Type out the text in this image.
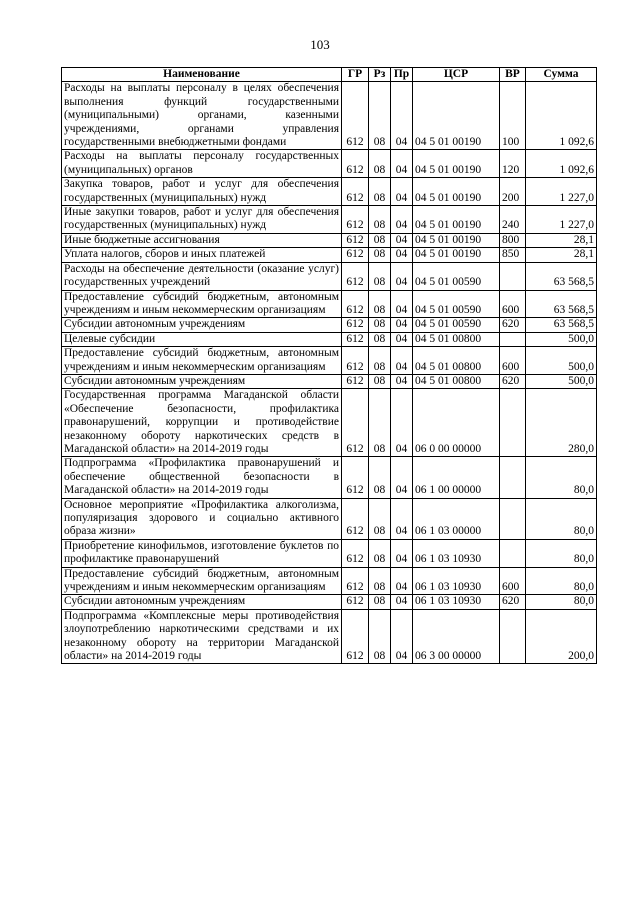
103
Наименование	ГР	Рз	Пр	ЦСР	ВР	Сумма
Расходы на выплаты персоналу в целях обеспечения выполнения функций государственными (муниципальными) органами, казенными учреждениями, органами управления государственными внебюджетными фондами	612	08	04	04 5 01 00190	100	1 092,6
Расходы на выплаты персоналу государственных (муниципальных) органов	612	08	04	04 5 01 00190	120	1 092,6
Закупка товаров, работ и услуг для обеспечения государственных (муниципальных) нужд	612	08	04	04 5 01 00190	200	1 227,0
Иные закупки товаров, работ и услуг для обеспечения государственных (муниципальных) нужд	612	08	04	04 5 01 00190	240	1 227,0
Иные бюджетные ассигнования	612	08	04	04 5 01 00190	800	28,1
Уплата налогов, сборов и иных платежей	612	08	04	04 5 01 00190	850	28,1
Расходы на обеспечение деятельности (оказание услуг) государственных учреждений	612	08	04	04 5 01 00590		63 568,5
Предоставление субсидий бюджетным, автономным учреждениям и иным некоммерческим организациям	612	08	04	04 5 01 00590	600	63 568,5
Субсидии автономным учреждениям	612	08	04	04 5 01 00590	620	63 568,5
Целевые субсидии	612	08	04	04 5 01 00800		500,0
Предоставление субсидий бюджетным, автономным учреждениям и иным некоммерческим организациям	612	08	04	04 5 01 00800	600	500,0
Субсидии автономным учреждениям	612	08	04	04 5 01 00800	620	500,0
Государственная программа Магаданской области «Обеспечение безопасности, профилактика правонарушений, коррупции и противодействие незаконному обороту наркотических средств в Магаданской области» на 2014-2019 годы	612	08	04	06 0 00 00000		280,0
Подпрограмма «Профилактика правонарушений и обеспечение общественной безопасности в Магаданской области» на 2014-2019 годы	612	08	04	06 1 00 00000		80,0
Основное мероприятие «Профилактика алкоголизма, популяризация здорового и социально активного образа жизни»	612	08	04	06 1 03 00000		80,0
Приобретение кинофильмов, изготовление буклетов по профилактике правонарушений	612	08	04	06 1 03 10930		80,0
Предоставление субсидий бюджетным, автономным учреждениям и иным некоммерческим организациям	612	08	04	06 1 03 10930	600	80,0
Субсидии автономным учреждениям	612	08	04	06 1 03 10930	620	80,0
Подпрограмма «Комплексные меры противодействия злоупотреблению наркотическими средствами и их незаконному обороту на территории Магаданской области» на 2014-2019 годы	612	08	04	06 3 00 00000		200,0
